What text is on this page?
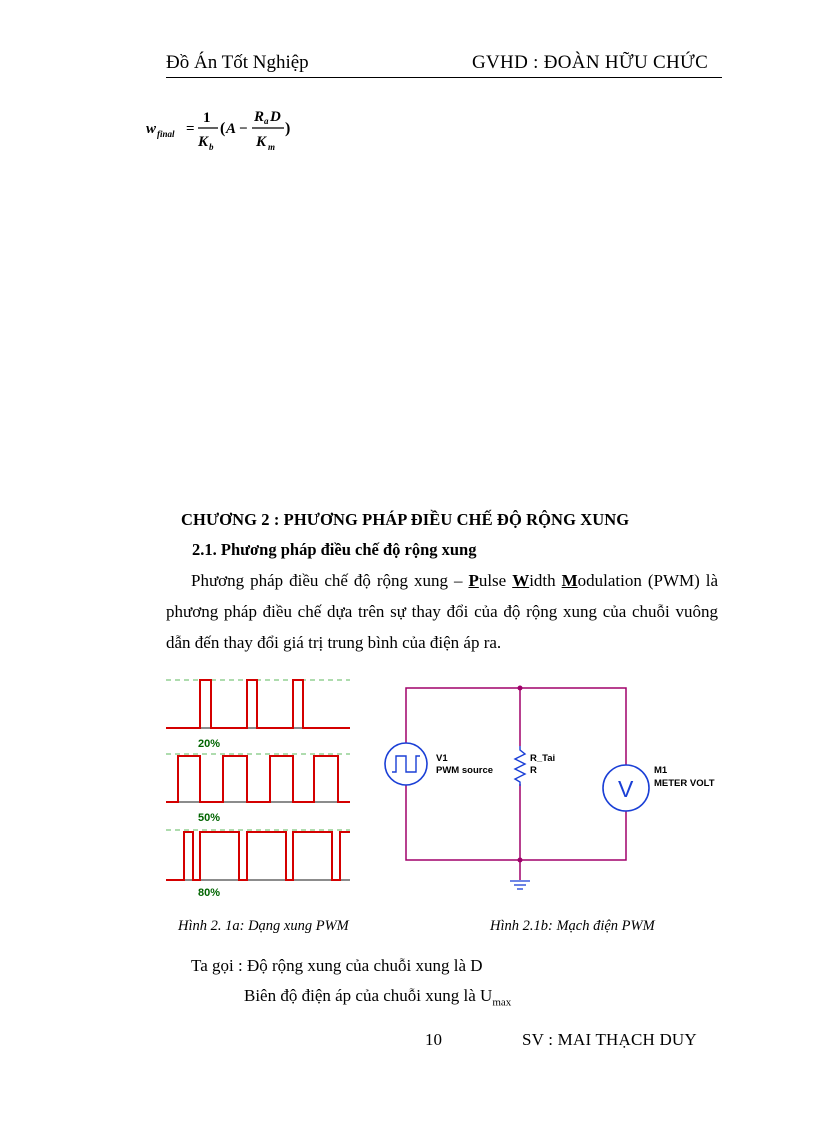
Đồ Án Tốt Nghiệp	GVHD : ĐOÀN HỮU CHỨC
w final =
1
K b
( A −
R a D
K m
)
CHƯƠNG 2 : PHƯƠNG PHÁP ĐIỀU CHẾ ĐỘ RỘNG XUNG
2.1. Phương pháp điều chế độ rộng xung
Phương pháp điều chế độ rộng xung – Pulse Width Modulation (PWM) là phương pháp điều chế dựa trên sự thay đổi của độ rộng xung của chuỗi vuông dẫn đến thay đổi giá trị trung bình của điện áp ra.
20%
50%
80%
V1
PWM source
R_Tai
R
V
M1
METER VOLT
Hình 2. 1a: Dạng xung PWM	Hình 2.1b: Mạch điện PWM
Ta gọi : Độ rộng xung của chuỗi xung là D
Biên độ điện áp của chuỗi xung là $U_{max}$
10	SV : MAI THẠCH DUY
